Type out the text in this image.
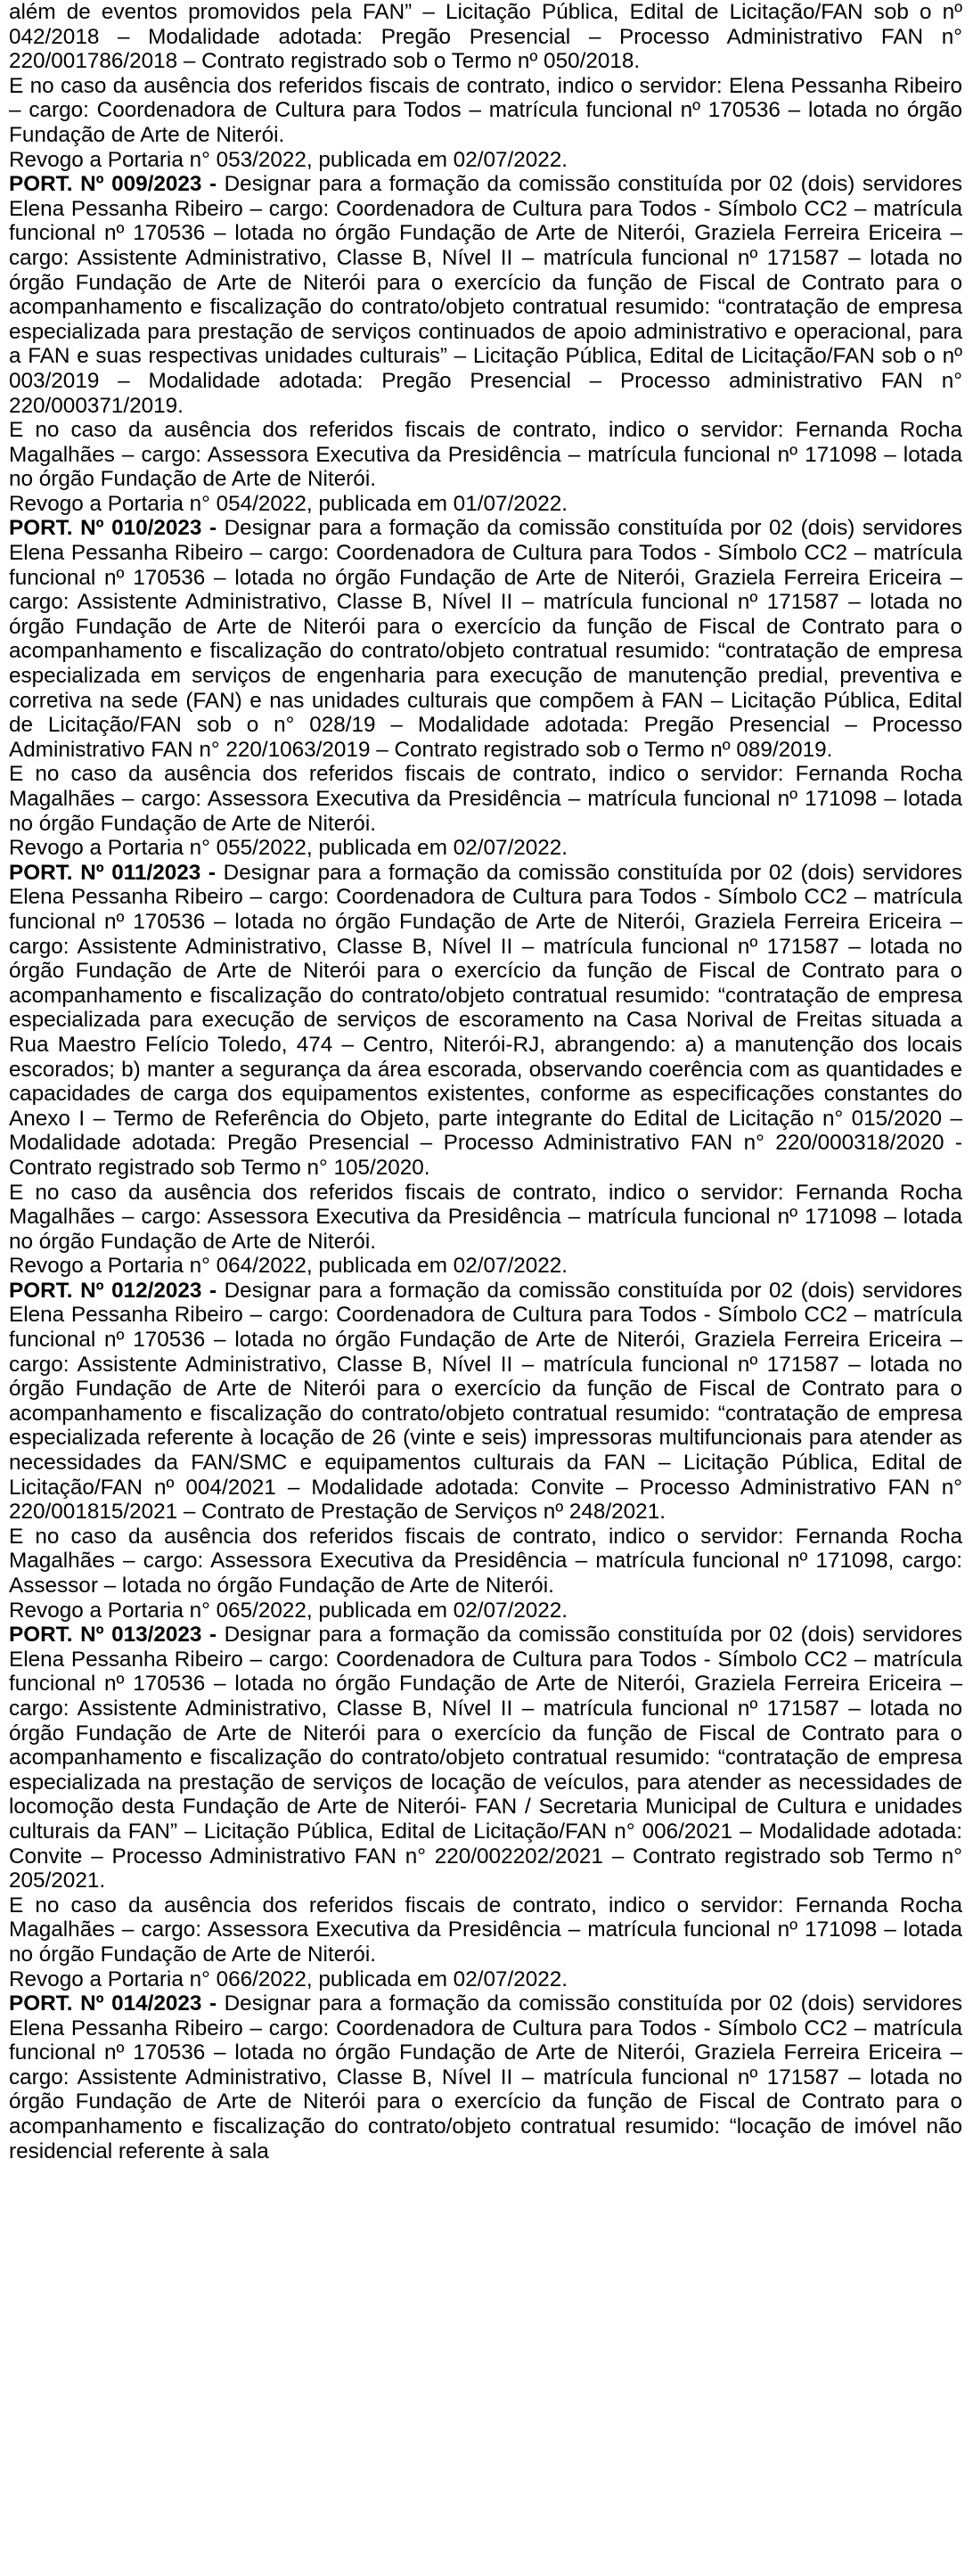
além de eventos promovidos pela FAN” – Licitação Pública, Edital de Licitação/FAN sob o nº 042/2018 – Modalidade adotada: Pregão Presencial – Processo Administrativo FAN n° 220/001786/2018 – Contrato registrado sob o Termo nº 050/2018.

E no caso da ausência dos referidos fiscais de contrato, indico o servidor: Elena Pessanha Ribeiro – cargo: Coordenadora de Cultura para Todos – matrícula funcional nº 170536 – lotada no órgão Fundação de Arte de Niterói.

Revogo a Portaria n° 053/2022, publicada em 02/07/2022.

PORT. Nº 009/2023 - Designar para a formação da comissão constituída por 02 (dois) servidores Elena Pessanha Ribeiro – cargo: Coordenadora de Cultura para Todos - Símbolo CC2 – matrícula funcional nº 170536 – lotada no órgão Fundação de Arte de Niterói, Graziela Ferreira Ericeira – cargo: Assistente Administrativo, Classe B, Nível II – matrícula funcional nº 171587 – lotada no órgão Fundação de Arte de Niterói para o exercício da função de Fiscal de Contrato para o acompanhamento e fiscalização do contrato/objeto contratual resumido: “contratação de empresa especializada para prestação de serviços continuados de apoio administrativo e operacional, para a FAN e suas respectivas unidades culturais” – Licitação Pública, Edital de Licitação/FAN sob o nº 003/2019 – Modalidade adotada: Pregão Presencial – Processo administrativo FAN n° 220/000371/2019.

E no caso da ausência dos referidos fiscais de contrato, indico o servidor: Fernanda Rocha Magalhães – cargo: Assessora Executiva da Presidência – matrícula funcional nº 171098 – lotada no órgão Fundação de Arte de Niterói.

Revogo a Portaria n° 054/2022, publicada em 01/07/2022.

PORT. Nº 010/2023 - Designar para a formação da comissão constituída por 02 (dois) servidores Elena Pessanha Ribeiro – cargo: Coordenadora de Cultura para Todos - Símbolo CC2 – matrícula funcional nº 170536 – lotada no órgão Fundação de Arte de Niterói, Graziela Ferreira Ericeira – cargo: Assistente Administrativo, Classe B, Nível II – matrícula funcional nº 171587 – lotada no órgão Fundação de Arte de Niterói para o exercício da função de Fiscal de Contrato para o acompanhamento e fiscalização do contrato/objeto contratual resumido: “contratação de empresa especializada em serviços de engenharia para execução de manutenção predial, preventiva e corretiva na sede (FAN) e nas unidades culturais que compõem à FAN – Licitação Pública, Edital de Licitação/FAN sob o n° 028/19 – Modalidade adotada: Pregão Presencial – Processo Administrativo FAN n° 220/1063/2019 – Contrato registrado sob o Termo nº 089/2019.

E no caso da ausência dos referidos fiscais de contrato, indico o servidor: Fernanda Rocha Magalhães – cargo: Assessora Executiva da Presidência – matrícula funcional nº 171098 – lotada no órgão Fundação de Arte de Niterói.

Revogo a Portaria n° 055/2022, publicada em 02/07/2022.

PORT. Nº 011/2023 - Designar para a formação da comissão constituída por 02 (dois) servidores Elena Pessanha Ribeiro – cargo: Coordenadora de Cultura para Todos - Símbolo CC2 – matrícula funcional nº 170536 – lotada no órgão Fundação de Arte de Niterói, Graziela Ferreira Ericeira – cargo: Assistente Administrativo, Classe B, Nível II – matrícula funcional nº 171587 – lotada no órgão Fundação de Arte de Niterói para o exercício da função de Fiscal de Contrato para o acompanhamento e fiscalização do contrato/objeto contratual resumido: “contratação de empresa especializada para execução de serviços de escoramento na Casa Norival de Freitas situada a Rua Maestro Felício Toledo, 474 – Centro, Niterói-RJ, abrangendo: a) a manutenção dos locais escorados; b) manter a segurança da área escorada, observando coerência com as quantidades e capacidades de carga dos equipamentos existentes, conforme as especificações constantes do Anexo I – Termo de Referência do Objeto, parte integrante do Edital de Licitação n° 015/2020 – Modalidade adotada: Pregão Presencial – Processo Administrativo FAN n° 220/000318/2020 - Contrato registrado sob Termo n° 105/2020.

E no caso da ausência dos referidos fiscais de contrato, indico o servidor: Fernanda Rocha Magalhães – cargo: Assessora Executiva da Presidência – matrícula funcional nº 171098 – lotada no órgão Fundação de Arte de Niterói.

Revogo a Portaria n° 064/2022, publicada em 02/07/2022.

PORT. Nº 012/2023 - Designar para a formação da comissão constituída por 02 (dois) servidores Elena Pessanha Ribeiro – cargo: Coordenadora de Cultura para Todos - Símbolo CC2 – matrícula funcional nº 170536 – lotada no órgão Fundação de Arte de Niterói, Graziela Ferreira Ericeira – cargo: Assistente Administrativo, Classe B, Nível II – matrícula funcional nº 171587 – lotada no órgão Fundação de Arte de Niterói para o exercício da função de Fiscal de Contrato para o acompanhamento e fiscalização do contrato/objeto contratual resumido: “contratação de empresa especializada referente à locação de 26 (vinte e seis) impressoras multifuncionais para atender as necessidades da FAN/SMC e equipamentos culturais da FAN – Licitação Pública, Edital de Licitação/FAN nº 004/2021 – Modalidade adotada: Convite – Processo Administrativo FAN n° 220/001815/2021 – Contrato de Prestação de Serviços nº 248/2021.

E no caso da ausência dos referidos fiscais de contrato, indico o servidor: Fernanda Rocha Magalhães – cargo: Assessora Executiva da Presidência – matrícula funcional nº 171098, cargo: Assessor – lotada no órgão Fundação de Arte de Niterói.

Revogo a Portaria n° 065/2022, publicada em 02/07/2022.

PORT. Nº 013/2023 - Designar para a formação da comissão constituída por 02 (dois) servidores Elena Pessanha Ribeiro – cargo: Coordenadora de Cultura para Todos - Símbolo CC2 – matrícula funcional nº 170536 – lotada no órgão Fundação de Arte de Niterói, Graziela Ferreira Ericeira – cargo: Assistente Administrativo, Classe B, Nível II – matrícula funcional nº 171587 – lotada no órgão Fundação de Arte de Niterói para o exercício da função de Fiscal de Contrato para o acompanhamento e fiscalização do contrato/objeto contratual resumido: “contratação de empresa especializada na prestação de serviços de locação de veículos, para atender as necessidades de locomoção desta Fundação de Arte de Niterói- FAN / Secretaria Municipal de Cultura e unidades culturais da FAN” – Licitação Pública, Edital de Licitação/FAN n° 006/2021 – Modalidade adotada: Convite – Processo Administrativo FAN n° 220/002202/2021 – Contrato registrado sob Termo n° 205/2021.

E no caso da ausência dos referidos fiscais de contrato, indico o servidor: Fernanda Rocha Magalhães – cargo: Assessora Executiva da Presidência – matrícula funcional nº 171098 – lotada no órgão Fundação de Arte de Niterói.

Revogo a Portaria n° 066/2022, publicada em 02/07/2022.

PORT. Nº 014/2023 - Designar para a formação da comissão constituída por 02 (dois) servidores Elena Pessanha Ribeiro – cargo: Coordenadora de Cultura para Todos - Símbolo CC2 – matrícula funcional nº 170536 – lotada no órgão Fundação de Arte de Niterói, Graziela Ferreira Ericeira – cargo: Assistente Administrativo, Classe B, Nível II – matrícula funcional nº 171587 – lotada no órgão Fundação de Arte de Niterói para o exercício da função de Fiscal de Contrato para o acompanhamento e fiscalização do contrato/objeto contratual resumido: “locação de imóvel não residencial referente à sala
